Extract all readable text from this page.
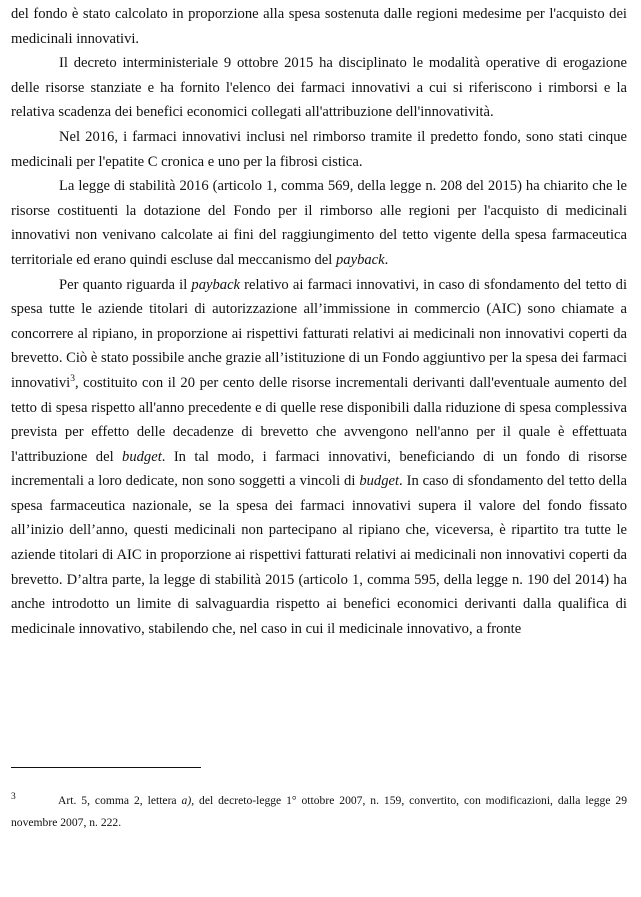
del fondo è stato calcolato in proporzione alla spesa sostenuta dalle regioni medesime per l'acquisto dei medicinali innovativi.

Il decreto interministeriale 9 ottobre 2015 ha disciplinato le modalità operative di erogazione delle risorse stanziate e ha fornito l'elenco dei farmaci innovativi a cui si riferiscono i rimborsi e la relativa scadenza dei benefici economici collegati all'attribuzione dell'innovatività.

Nel 2016, i farmaci innovativi inclusi nel rimborso tramite il predetto fondo, sono stati cinque medicinali per l'epatite C cronica e uno per la fibrosi cistica.

La legge di stabilità 2016 (articolo 1, comma 569, della legge n. 208 del 2015) ha chiarito che le risorse costituenti la dotazione del Fondo per il rimborso alle regioni per l'acquisto di medicinali innovativi non venivano calcolate ai fini del raggiungimento del tetto vigente della spesa farmaceutica territoriale ed erano quindi escluse dal meccanismo del payback.

Per quanto riguarda il payback relativo ai farmaci innovativi, in caso di sfondamento del tetto di spesa tutte le aziende titolari di autorizzazione all’immissione in commercio (AIC) sono chiamate a concorrere al ripiano, in proporzione ai rispettivi fatturati relativi ai medicinali non innovativi coperti da brevetto. Ciò è stato possibile anche grazie all’istituzione di un Fondo aggiuntivo per la spesa dei farmaci innovativi$^3$, costituito con il 20 per cento delle risorse incrementali derivanti dall'eventuale aumento del tetto di spesa rispetto all'anno precedente e di quelle rese disponibili dalla riduzione di spesa complessiva prevista per effetto delle decadenze di brevetto che avvengono nell'anno per il quale è effettuata l'attribuzione del budget. In tal modo, i farmaci innovativi, beneficiando di un fondo di risorse incrementali a loro dedicate, non sono soggetti a vincoli di budget. In caso di sfondamento del tetto della spesa farmaceutica nazionale, se la spesa dei farmaci innovativi supera il valore del fondo fissato all’inizio dell’anno, questi medicinali non partecipano al ripiano che, viceversa, è ripartito tra tutte le aziende titolari di AIC in proporzione ai rispettivi fatturati relativi ai medicinali non innovativi coperti da brevetto. D’altra parte, la legge di stabilità 2015 (articolo 1, comma 595, della legge n. 190 del 2014) ha anche introdotto un limite di salvaguardia rispetto ai benefici economici derivanti dalla qualifica di medicinale innovativo, stabilendo che, nel caso in cui il medicinale innovativo, a fronte

3	Art. 5, comma 2, lettera a), del decreto-legge 1° ottobre 2007, n. 159, convertito, con modificazioni, dalla legge 29 novembre 2007, n. 222.
